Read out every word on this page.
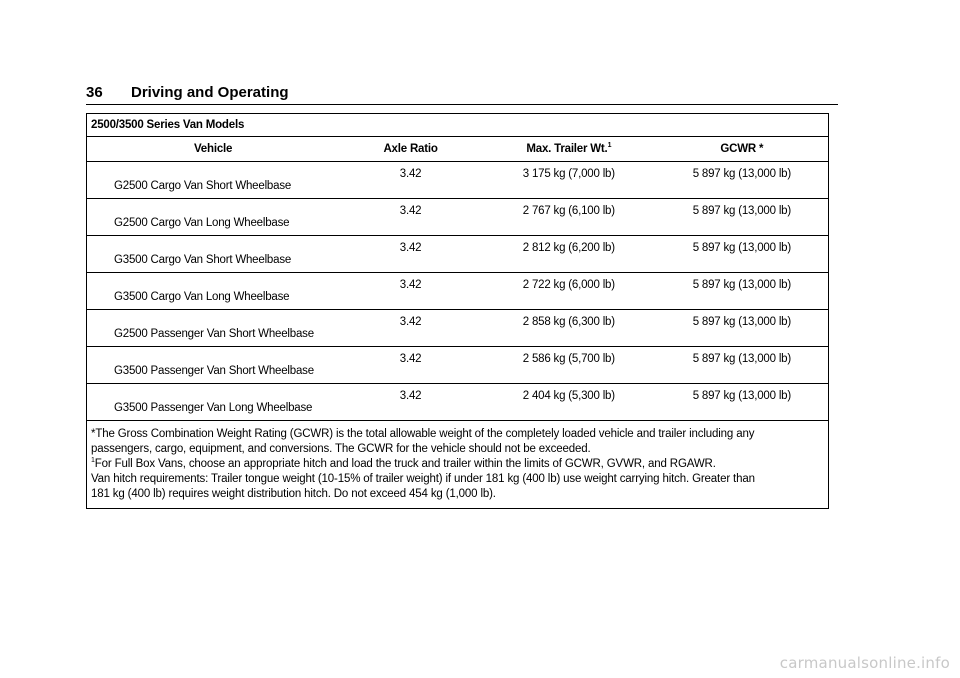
36 Driving and Operating
2500/3500 Series Van Models			
Vehicle	Axle Ratio	Max. Trailer Wt.$^1$	GCWR *
G2500 Cargo Van Short Wheelbase	3.42	3 175 kg (7,000 lb)	5 897 kg (13,000 lb)
G2500 Cargo Van Long Wheelbase	3.42	2 767 kg (6,100 lb)	5 897 kg (13,000 lb)
G3500 Cargo Van Short Wheelbase	3.42	2 812 kg (6,200 lb)	5 897 kg (13,000 lb)
G3500 Cargo Van Long Wheelbase	3.42	2 722 kg (6,000 lb)	5 897 kg (13,000 lb)
G2500 Passenger Van Short Wheelbase	3.42	2 858 kg (6,300 lb)	5 897 kg (13,000 lb)
G3500 Passenger Van Short Wheelbase	3.42	2 586 kg (5,700 lb)	5 897 kg (13,000 lb)
G3500 Passenger Van Long Wheelbase	3.42	2 404 kg (5,300 lb)	5 897 kg (13,000 lb)

*The Gross Combination Weight Rating (GCWR) is the total allowable weight of the completely loaded vehicle and trailer including any
passengers, cargo, equipment, and conversions. The GCWR for the vehicle should not be exceeded.
$^1$For Full Box Vans, choose an appropriate hitch and load the truck and trailer within the limits of GCWR, GVWR, and RGAWR.
Van hitch requirements: Trailer tongue weight (10-15% of trailer weight) if under 181 kg (400 lb) use weight carrying hitch. Greater than
181 kg (400 lb) requires weight distribution hitch. Do not exceed 454 kg (1,000 lb).			
carmanualsonline.info
